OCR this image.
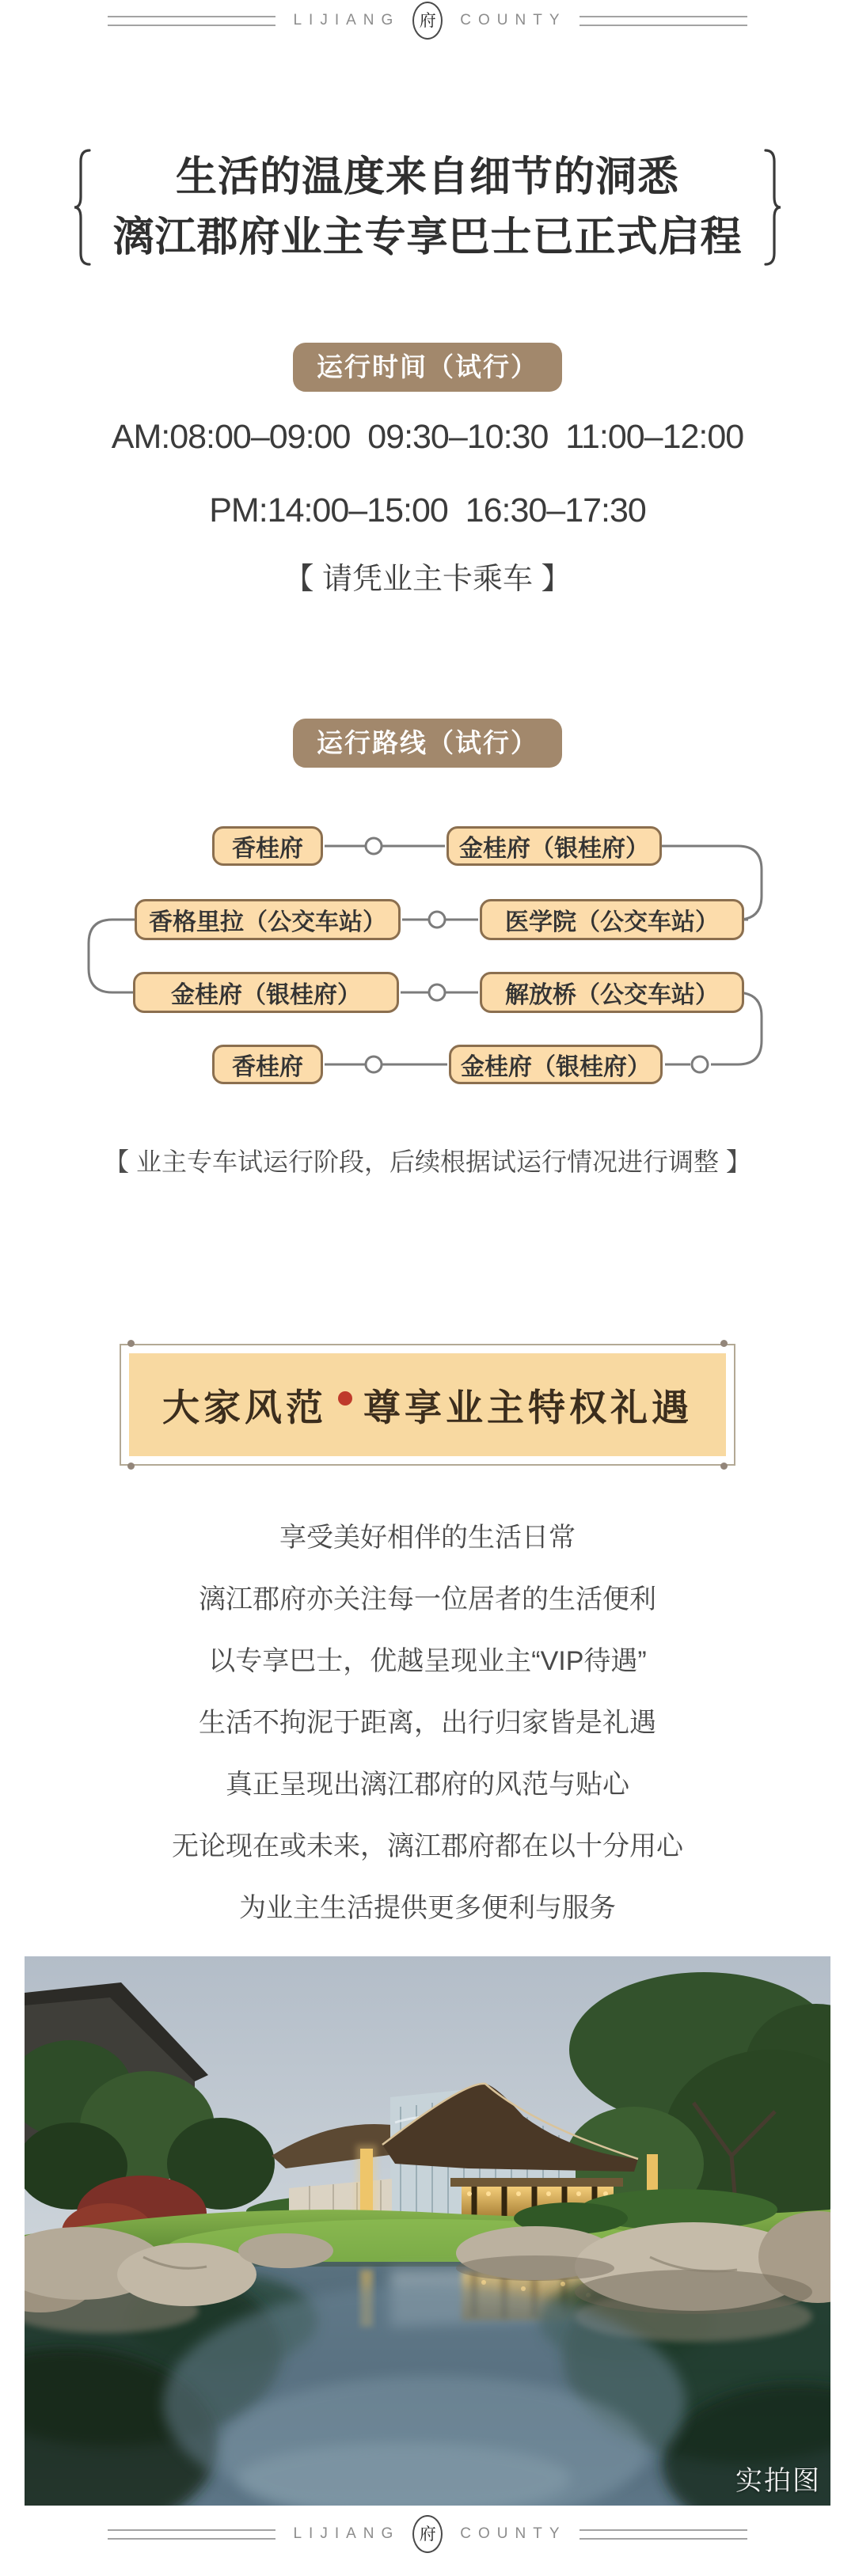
LIJIANG 府	COUNTY
生活的温度来自细节的洞悉
漓江郡府业主专享巴士已正式启程
运行时间（试行）
AM:08:00–09:00  09:30–10:30  11:00–12:00
PM:14:00–15:00  16:30–17:30
【 请凭业主卡乘车 】
运行路线（试行）
香桂府	金桂府（银桂府）
香格里拉（公交车站）	医学院（公交车站）
金桂府（银桂府）	解放桥（公交车站）
香桂府	金桂府（银桂府）
【 业主专车试运行阶段，后续根据试运行情况进行调整 】
大家风范 尊享业主特权礼遇
享受美好相伴的生活日常
漓江郡府亦关注每一位居者的生活便利
以专享巴士，优越呈现业主“VIP待遇”
生活不拘泥于距离，出行归家皆是礼遇
真正呈现出漓江郡府的风范与贴心
无论现在或未来，漓江郡府都在以十分用心
为业主生活提供更多便利与服务
实拍图
LIJIANG 府	COUNTY
